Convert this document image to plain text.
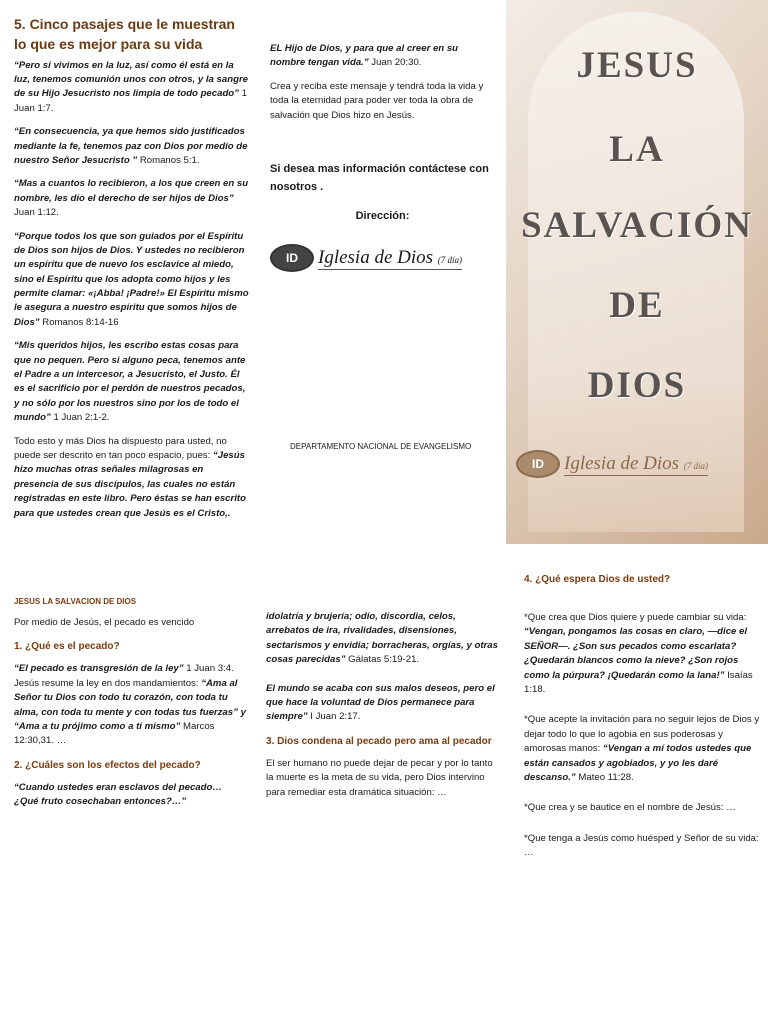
5. Cinco pasajes que le muestran lo que es mejor para su vida

“Pero si vivimos en la luz, así como él está en la luz, tenemos comunión unos con otros, y la sangre de su Hijo Jesucristo nos limpia de todo pecado” 1 Juan 1:7.

“En consecuencia, ya que hemos sido justificados mediante la fe, tenemos paz con Dios por medio de nuestro Señor Jesucristo ” Romanos 5:1.

“Mas a cuantos lo recibieron, a los que creen en su nombre, les dio el derecho de ser hijos de Dios” Juan 1:12.

“Porque todos los que son guiados por el Espíritu de Dios son hijos de Dios. Y ustedes no recibieron un espíritu que de nuevo los esclavice al miedo, sino el Espíritu que los adopta como hijos y les permite clamar: «¡Abba! ¡Padre!» El Espíritu mismo le asegura a nuestro espíritu que somos hijos de Dios” Romanos 8:14-16

“Mis queridos hijos, les escribo estas cosas para que no pequen. Pero si alguno peca, tenemos ante el Padre a un intercesor, a Jesucristo, el Justo. Él es el sacrificio por el perdón de nuestros pecados, y no sólo por los nuestros sino por los de todo el mundo” 1 Juan 2:1-2.

Todo esto y más Dios ha dispuesto para usted, no puede ser descrito en tan poco espacio, pues: “Jesús hizo muchas otras señales milagrosas en presencia de sus discípulos, las cuales no están registradas en este libro. Pero éstas se han escrito para que ustedes crean que Jesús es el Cristo,.

EL Hijo de Dios, y para que al creer en su nombre tengan vida.” Juan 20:30.

Crea y reciba este mensaje y tendrá toda la vida y toda la eternidad para poder ver toda la obra de salvación que Dios hizo en Jesús.

Si desea mas información contáctese con nosotros .
Dirección:
ID	Iglesia de Dios (7 día)
DEPARTAMENTO NACIONAL DE EVANGELISMO
JESUS
LA
SALVACIÓN
DE
DIOS
ID	Iglesia de Dios (7 día)
JESUS LA SALVACION DE DIOS

Por medio de Jesús, el pecado es vencido

1. ¿Qué es el pecado?

“El pecado es transgresión de la ley” 1 Juan 3:4. Jesús resume la ley en dos mandamientos: “Ama al Señor tu Dios con todo tu corazón, con toda tu alma, con toda tu mente y con todas tus fuerzas” y “Ama a tu prójimo como a ti mismo” Marcos 12:30,31. …

2. ¿Cuáles son los efectos del pecado?

“Cuando ustedes eran esclavos del pecado… ¿Qué fruto cosechaban entonces?…”

idolatría y brujería; odio, discordia, celos, arrebatos de ira, rivalidades, disensiones, sectarismos y envidia; borracheras, orgías, y otras cosas parecidas” Gálatas 5:19-21.

El mundo se acaba con sus malos deseos, pero el que hace la voluntad de Dios permanece para siempre” I Juan 2:17.

3. Dios condena al pecado pero ama al pecador

El ser humano no puede dejar de pecar y por lo tanto la muerte es la meta de su vida, pero Dios intervino para remediar esta dramática situación: …

4. ¿Qué espera Dios de usted?

*Que crea que Dios quiere y puede cambiar su vida: “Vengan, pongamos las cosas en claro, —dice el SEÑOR—. ¿Son sus pecados como escarlata? ¿Quedarán blancos como la nieve? ¿Son rojos como la púrpura? ¡Quedarán como la lana!” Isaías 1:18.

*Que acepte la invitación para no seguir lejos de Dios y dejar todo lo que lo agobia en sus poderosas y amorosas manos: “Vengan a mí todos ustedes que están cansados y agobiados, y yo les daré descanso.” Mateo 11:28.

*Que crea y se bautice en el nombre de Jesús: …

*Que tenga a Jesús como huésped y Señor de su vida: …
